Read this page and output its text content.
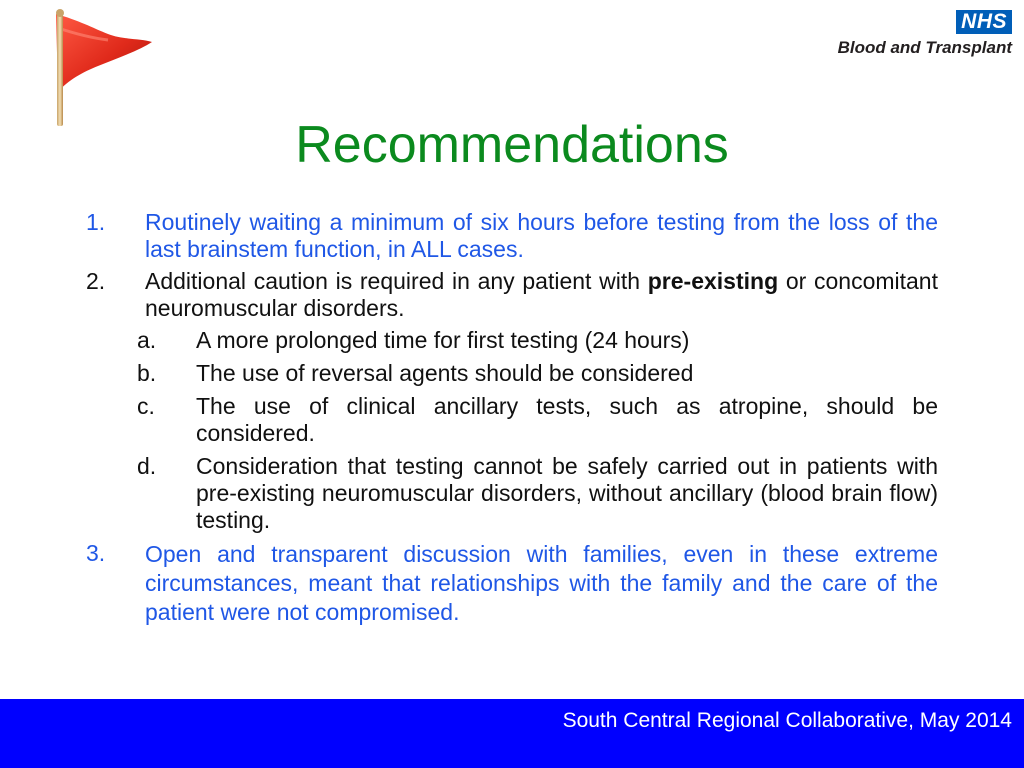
NHS
Blood and Transplant
Recommendations
1. Routinely waiting a minimum of six hours before testing from the loss of the last brainstem function, in ALL cases.
2. Additional caution is required in any patient with pre-existing or concomitant neuromuscular disorders.
a. A more prolonged time for first testing (24 hours)
b. The use of reversal agents should be considered
c. The use of clinical ancillary tests, such as atropine, should be considered.
d. Consideration that testing cannot be safely carried out in patients with pre-existing neuromuscular disorders, without ancillary (blood brain flow) testing.
3. Open and transparent discussion with families, even in these extreme circumstances, meant that relationships with the family and the care of the patient were not compromised.
South Central Regional Collaborative, May 2014
